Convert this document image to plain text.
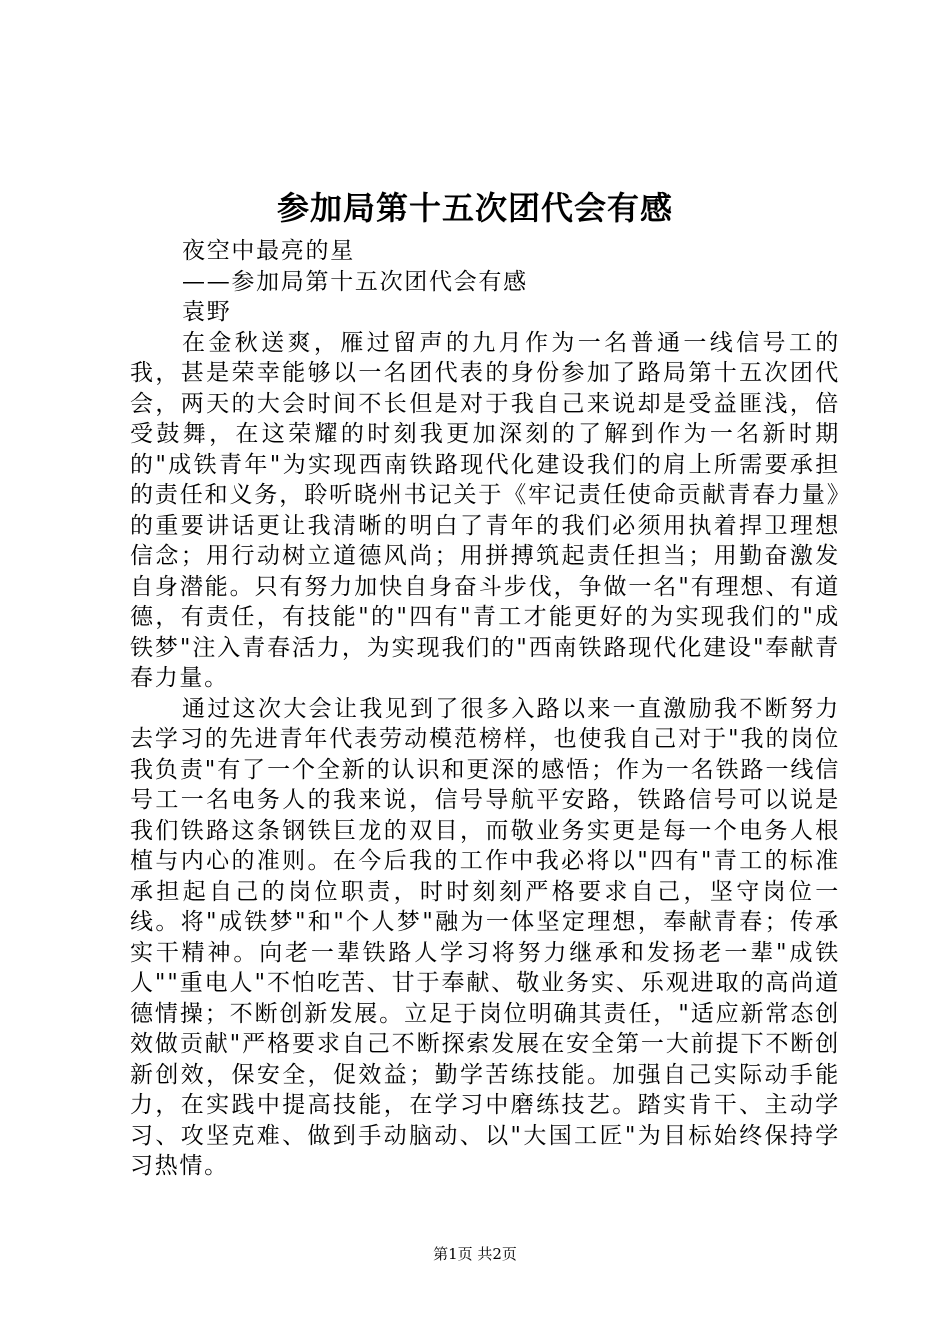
参加局第十五次团代会有感

夜空中最亮的星

——参加局第十五次团代会有感

袁野

在金秋送爽，雁过留声的九月作为一名普通一线信号工的我，甚是荣幸能够以一名团代表的身份参加了路局第十五次团代会，两天的大会时间不长但是对于我自己来说却是受益匪浅，倍受鼓舞，在这荣耀的时刻我更加深刻的了解到作为一名新时期的"成铁青年"为实现西南铁路现代化建设我们的肩上所需要承担的责任和义务，聆听晓州书记关于《牢记责任使命贡献青春力量》的重要讲话更让我清晰的明白了青年的我们必须用执着捍卫理想信念；用行动树立道德风尚；用拼搏筑起责任担当；用勤奋激发自身潜能。只有努力加快自身奋斗步伐，争做一名"有理想、有道德，有责任，有技能"的"四有"青工才能更好的为实现我们的"成铁梦"注入青春活力，为实现我们的"西南铁路现代化建设"奉献青春力量。

通过这次大会让我见到了很多入路以来一直激励我不断努力去学习的先进青年代表劳动模范榜样，也使我自己对于"我的岗位我负责"有了一个全新的认识和更深的感悟；作为一名铁路一线信号工一名电务人的我来说，信号导航平安路，铁路信号可以说是我们铁路这条钢铁巨龙的双目，而敬业务实更是每一个电务人根植与内心的准则。在今后我的工作中我必将以"四有"青工的标准承担起自己的岗位职责，时时刻刻严格要求自己，坚守岗位一线。将"成铁梦"和"个人梦"融为一体坚定理想，奉献青春；传承实干精神。向老一辈铁路人学习将努力继承和发扬老一辈"成铁人""重电人"不怕吃苦、甘于奉献、敬业务实、乐观进取的高尚道德情操；不断创新发展。立足于岗位明确其责任，"适应新常态创效做贡献"严格要求自己不断探索发展在安全第一大前提下不断创新创效，保安全，促效益；勤学苦练技能。加强自己实际动手能力，在实践中提高技能，在学习中磨练技艺。踏实肯干、主动学习、攻坚克难、做到手动脑动、以"大国工匠"为目标始终保持学习热情。

第1页 共2页
